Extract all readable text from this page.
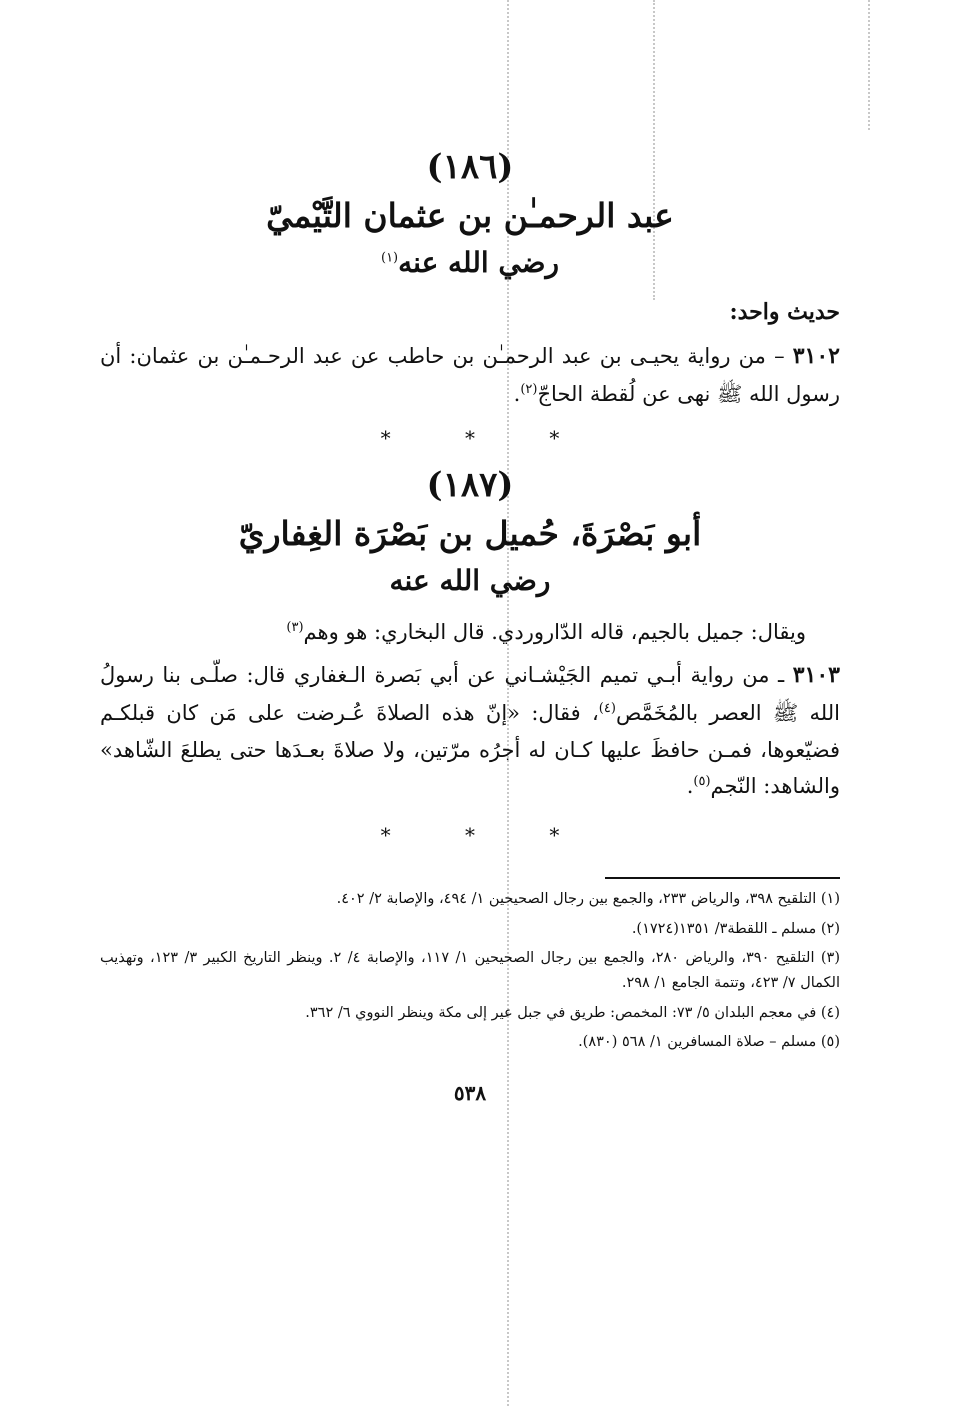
(١٨٦)

عبد الرحمـٰن بن عثمان التَّيْميّ

رضي الله عنه$^{(١)}$

حديث واحد:

٣١٠٢ – من رواية يحيـى بن عبد الرحمـٰن بن حاطب عن عبد الرحـمـٰن بن عثمان: أن رسول الله ﷺ نهى عن لُقطة الحاجّ$^{(٢)}$.

* * *

(١٨٧)

أبو بَصْرَةَ، حُميل بن بَصْرَة الغِفاريّ

رضي الله عنه

ويقال: جميل بالجيم، قاله الدّاروردي. قال البخاري: هو وهم$^{(٣)}$

٣١٠٣ ـ من رواية أبـي تميم الجَيْشـاني عن أبي بَصرة الـغفاري قال: صلّـى بنا رسولُ الله ﷺ العصر بالمُخَمَّص$^{(٤)}$، فقال: «إنّ هذه الصلاةَ عُـرضت على مَن كان قبلكـم فضيّعوها، فمـن حافظَ عليها كـان له أجرُه مرّتين، ولا صلاةَ بعـدَها حتى يطلعَ الشّاهد» والشاهد: النّجم$^{(٥)}$.

* * *

(١) التلقيح ٣٩٨، والرياض ٢٣٣، والجمع بين رجال الصحيحين ١/ ٤٩٤، والإصابة ٢/ ٤٠٢.

(٢) مسلم ـ اللقطة٣/ ١٣٥١(١٧٢٤).

(٣) التلقيح ٣٩٠، والرياض ٢٨٠، والجمع بين رجال الصحيحين ١/ ١١٧، والإصابة ٤/ ٢. وينظر التاريخ الكبير ٣/ ١٢٣، وتهذيب الكمال ٧/ ٤٢٣، وتتمة الجامع ١/ ٢٩٨.

(٤) في معجم البلدان ٥/ ٧٣: المخمص: طريق في جبل عير إلى مكة وينظر النووي ٦/ ٣٦٢.

(٥) مسلم – صلاة المسافرين ١/ ٥٦٨ (٨٣٠).

٥٣٨
